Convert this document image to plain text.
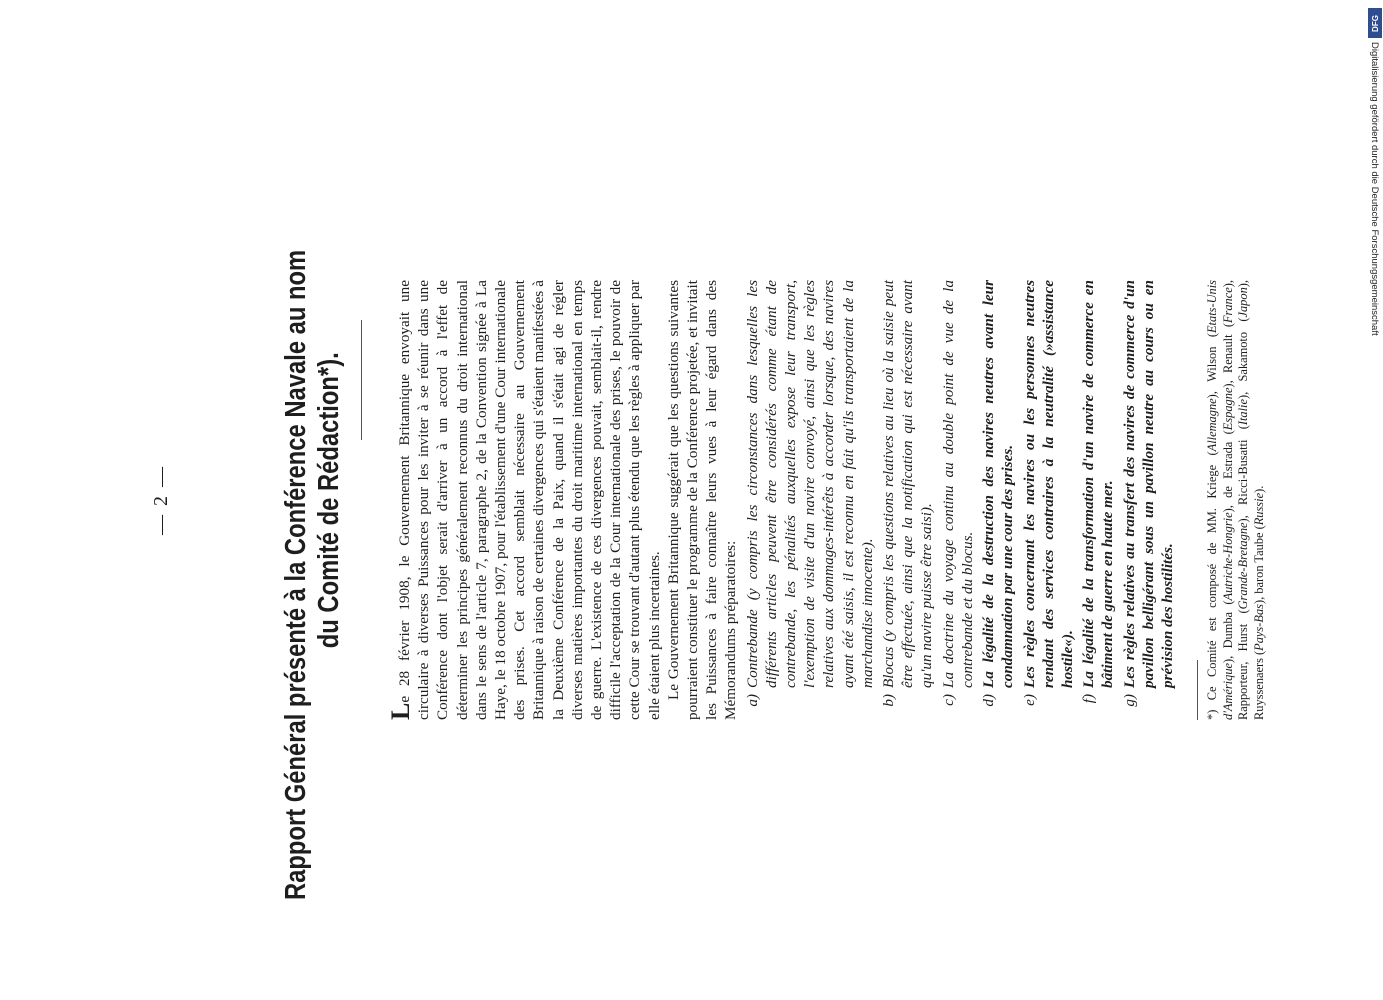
— 2 —	Rapport Général présenté à la Conférence Navale au nom du Comité de Rédaction*).

Le 28 février 1908, le Gouvernement Britannique envoyait une circulaire à diverses Puissances pour les inviter à se réunir dans une Conférence dont l'objet serait d'arriver à un accord à l'effet de déterminer les principes généralement reconnus du droit international dans le sens de l'article 7, paragraphe 2, de la Convention signée à La Haye, le 18 octobre 1907, pour l'établissement d'une Cour internationale des prises. Cet accord semblait nécessaire au Gouvernement Britannique à raison de certaines divergences qui s'étaient manifestées à la Deuxième Conférence de la Paix, quand il s'était agi de régler diverses matières importantes du droit maritime international en temps de guerre. L'existence de ces divergences pouvait, semblait-il, rendre difficile l'acceptation de la Cour internationale des prises, le pouvoir de cette Cour se trouvant d'autant plus étendu que les règles à appliquer par elle étaient plus incertaines. Le Gouvernement Britannique suggérait que les questions suivantes pourraient constituer le programme de la Conférence projetée, et invitait les Puissances à faire connaître leurs vues à leur égard dans des Mémorandums préparatoires: a)
Contrebande (y compris les circonstances dans lesquelles les différents articles peuvent être considérés comme étant de contrebande, les pénalités auxquelles expose leur transport, l'exemption de visite d'un navire convoyé, ainsi que les règles relatives aux dommages-intérêts à accorder lorsque, des navires ayant été saisis, il est reconnu en fait qu'ils transportaient de la marchandise innocente).
b)
Blocus (y compris les questions relatives au lieu où la saisie peut être effectuée, ainsi que la notification qui est nécessaire avant qu'un navire puisse être saisi).
c)
La doctrine du voyage continu au double point de vue de la contrebande et du blocus.
d)
La légalité de la destruction des navires neutres avant leur condamnation par une cour des prises.
e)
Les règles concernant les navires ou les personnes neutres rendant des services contraires à la neutralité (»assistance hostile«).
f)
La légalité de la transformation d'un navire de commerce en bâtiment de guerre en haute mer.
g)
Les règles relatives au transfert des navires de commerce d'un pavillon belligérant sous un pavillon neutre au cours ou en prévision des hostilités.
*) Ce Comité est composé de MM. Kriege (Allemagne), Wilson (Etats-Unis d'Amérique), Dumba (Autriche-Hongrie), de Estrada (Espagne), Renault (France), Rapporteur, Hurst (Grande-Bretagne), Ricci-Busatti (Italie), Sakamoto (Japon), Ruyssenaers (Pays-Bas), baron Taube (Russie).
DFG
Digitalisierung gefördert durch die Deutsche Forschungsgemeinschaft
